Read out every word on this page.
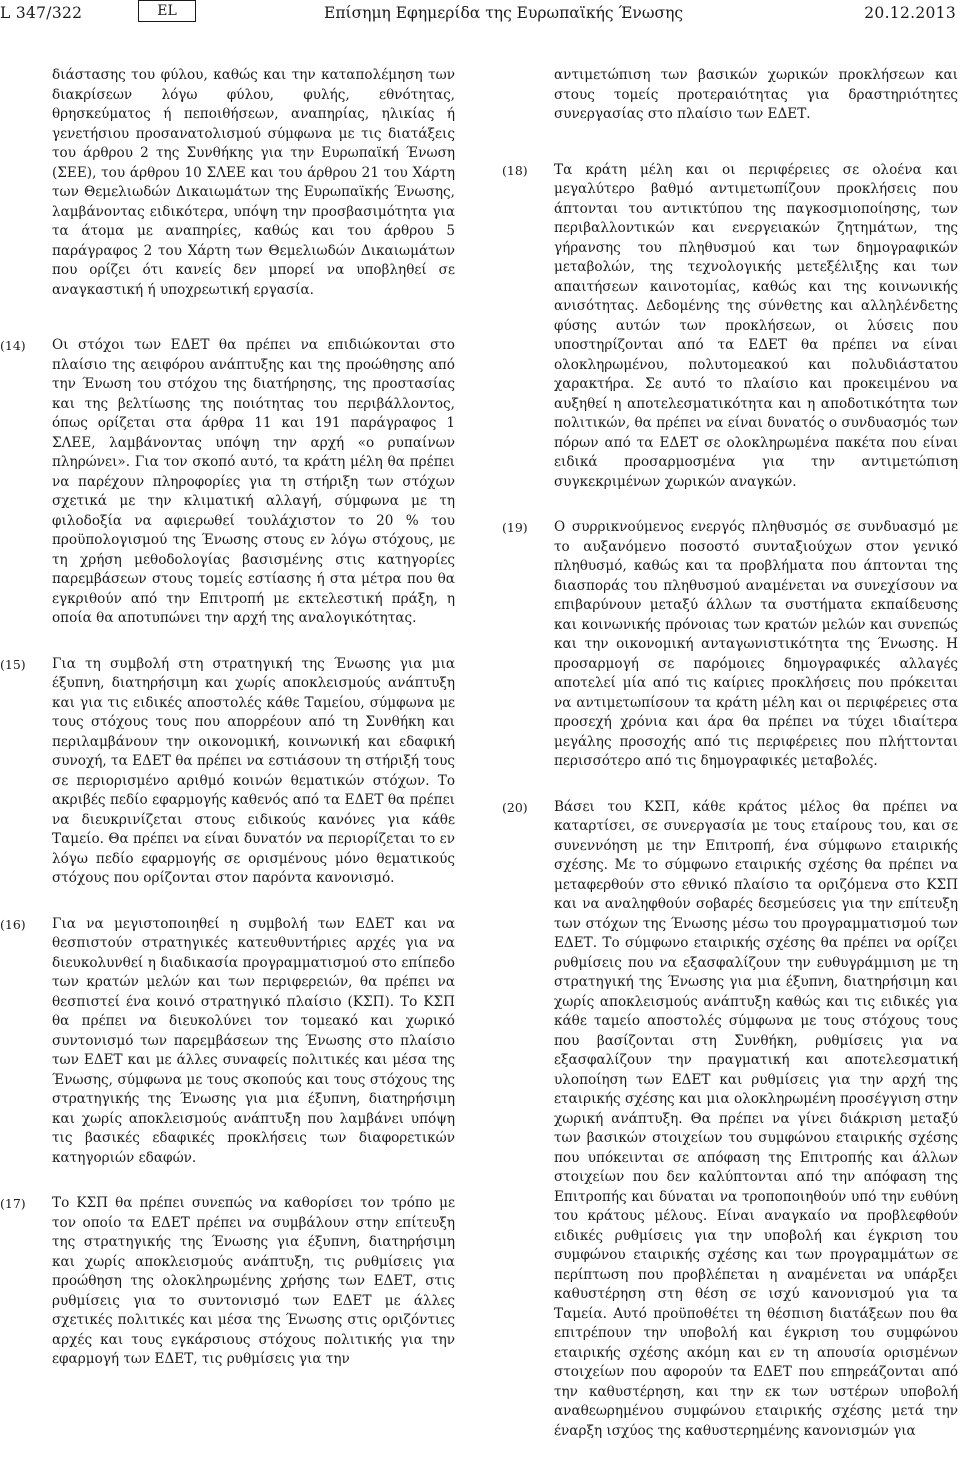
L 347/322	EL	Επίσημη Εφημερίδα της Ευρωπαϊκής Ένωσης	20.12.2013
διάστασης του φύλου, καθώς και την καταπολέμηση των διακρίσεων λόγω φύλου, φυλής, εθνότητας, θρησκεύματος ή πεποιθήσεων, αναπηρίας, ηλικίας ή γενετήσιου προσανατολισμού σύμφωνα με τις διατάξεις του άρθρου 2 της Συνθήκης για την Ευρωπαϊκή Ένωση (ΣΕΕ), του άρθρου 10 ΣΛΕΕ και του άρθρου 21 του Χάρτη των Θεμελιωδών Δικαιωμάτων της Ευρωπαϊκής Ένωσης, λαμβάνοντας ειδικότερα, υπόψη την προσβασιμότητα για τα άτομα με αναπηρίες, καθώς και του άρθρου 5 παράγραφος 2 του Χάρτη των Θεμελιωδών Δικαιωμάτων που ορίζει ότι κανείς δεν μπορεί να υποβληθεί σε αναγκαστική ή υποχρεωτική εργασία.
(14) Οι στόχοι των ΕΔΕΤ θα πρέπει να επιδιώκονται στο πλαίσιο της αειφόρου ανάπτυξης και της προώθησης από την Ένωση του στόχου της διατήρησης, της προστασίας και της βελτίωσης της ποιότητας του περιβάλλοντος, όπως ορίζεται στα άρθρα 11 και 191 παράγραφος 1 ΣΛΕΕ, λαμβάνοντας υπόψη την αρχή «ο ρυπαίνων πληρώνει». Για τον σκοπό αυτό, τα κράτη μέλη θα πρέπει να παρέχουν πληροφορίες για τη στήριξη των στόχων σχετικά με την κλιματική αλλαγή, σύμφωνα με τη φιλοδοξία να αφιερωθεί τουλάχιστον το 20 % του προϋπολογισμού της Ένωσης στους εν λόγω στόχους, με τη χρήση μεθοδολογίας βασισμένης στις κατηγορίες παρεμβάσεων στους τομείς εστίασης ή στα μέτρα που θα εγκριθούν από την Επιτροπή με εκτελεστική πράξη, η οποία θα αποτυπώνει την αρχή της αναλογικότητας.
(15) Για τη συμβολή στη στρατηγική της Ένωσης για μια έξυπνη, διατηρήσιμη και χωρίς αποκλεισμούς ανάπτυξη και για τις ειδικές αποστολές κάθε Ταμείου, σύμφωνα με τους στόχους τους που απορρέουν από τη Συνθήκη και περιλαμβάνουν την οικονομική, κοινωνική και εδαφική συνοχή, τα ΕΔΕΤ θα πρέπει να εστιάσουν τη στήριξή τους σε περιορισμένο αριθμό κοινών θεματικών στόχων. Το ακριβές πεδίο εφαρμογής καθενός από τα ΕΔΕΤ θα πρέπει να διευκρινίζεται στους ειδικούς κανόνες για κάθε Ταμείο. Θα πρέπει να είναι δυνατόν να περιορίζεται το εν λόγω πεδίο εφαρμογής σε ορισμένους μόνο θεματικούς στόχους που ορίζονται στον παρόντα κανονισμό.
(16) Για να μεγιστοποιηθεί η συμβολή των ΕΔΕΤ και να θεσπιστούν στρατηγικές κατευθυντήριες αρχές για να διευκολυνθεί η διαδικασία προγραμματισμού στο επίπεδο των κρατών μελών και των περιφερειών, θα πρέπει να θεσπιστεί ένα κοινό στρατηγικό πλαίσιο (ΚΣΠ). Το ΚΣΠ θα πρέπει να διευκολύνει τον τομεακό και χωρικό συντονισμό των παρεμβάσεων της Ένωσης στο πλαίσιο των ΕΔΕΤ και με άλλες συναφείς πολιτικές και μέσα της Ένωσης, σύμφωνα με τους σκοπούς και τους στόχους της στρατηγικής της Ένωσης για μια έξυπνη, διατηρήσιμη και χωρίς αποκλεισμούς ανάπτυξη που λαμβάνει υπόψη τις βασικές εδαφικές προκλήσεις των διαφορετικών κατηγοριών εδαφών.
(17) Το ΚΣΠ θα πρέπει συνεπώς να καθορίσει τον τρόπο με τον οποίο τα ΕΔΕΤ πρέπει να συμβάλουν στην επίτευξη της στρατηγικής της Ένωσης για έξυπνη, διατηρήσιμη και χωρίς αποκλεισμούς ανάπτυξη, τις ρυθμίσεις για προώθηση της ολοκληρωμένης χρήσης των ΕΔΕΤ, στις ρυθμίσεις για το συντονισμό των ΕΔΕΤ με άλλες σχετικές πολιτικές και μέσα της Ένωσης στις οριζόντιες αρχές και τους εγκάρσιους στόχους πολιτικής για την εφαρμογή των ΕΔΕΤ, τις ρυθμίσεις για την
αντιμετώπιση των βασικών χωρικών προκλήσεων και στους τομείς προτεραιότητας για δραστηριότητες συνεργασίας στο πλαίσιο των ΕΔΕΤ.
(18) Τα κράτη μέλη και οι περιφέρειες σε ολοένα και μεγαλύτερο βαθμό αντιμετωπίζουν προκλήσεις που άπτονται του αντικτύπου της παγκοσμιοποίησης, των περιβαλλοντικών και ενεργειακών ζητημάτων, της γήρανσης του πληθυσμού και των δημογραφικών μεταβολών, της τεχνολογικής μετεξέλιξης και των απαιτήσεων καινοτομίας, καθώς και της κοινωνικής ανισότητας. Δεδομένης της σύνθετης και αλληλένδετης φύσης αυτών των προκλήσεων, οι λύσεις που υποστηρίζονται από τα ΕΔΕΤ θα πρέπει να είναι ολοκληρωμένου, πολυτομεακού και πολυδιάστατου χαρακτήρα. Σε αυτό το πλαίσιο και προκειμένου να αυξηθεί η αποτελεσματικότητα και η αποδοτικότητα των πολιτικών, θα πρέπει να είναι δυνατός ο συνδυασμός των πόρων από τα ΕΔΕΤ σε ολοκληρωμένα πακέτα που είναι ειδικά προσαρμοσμένα για την αντιμετώπιση συγκεκριμένων χωρικών αναγκών.
(19) Ο συρρικνούμενος ενεργός πληθυσμός σε συνδυασμό με το αυξανόμενο ποσοστό συνταξιούχων στον γενικό πληθυσμό, καθώς και τα προβλήματα που άπτονται της διασποράς του πληθυσμού αναμένεται να συνεχίσουν να επιβαρύνουν μεταξύ άλλων τα συστήματα εκπαίδευσης και κοινωνικής πρόνοιας των κρατών μελών και συνεπώς και την οικονομική ανταγωνιστικότητα της Ένωσης. Η προσαρμογή σε παρόμοιες δημογραφικές αλλαγές αποτελεί μία από τις καίριες προκλήσεις που πρόκειται να αντιμετωπίσουν τα κράτη μέλη και οι περιφέρειες στα προσεχή χρόνια και άρα θα πρέπει να τύχει ιδιαίτερα μεγάλης προσοχής από τις περιφέρειες που πλήττονται περισσότερο από τις δημογραφικές μεταβολές.
(20) Βάσει του ΚΣΠ, κάθε κράτος μέλος θα πρέπει να καταρτίσει, σε συνεργασία με τους εταίρους του, και σε συνεννόηση με την Επιτροπή, ένα σύμφωνο εταιρικής σχέσης. Με το σύμφωνο εταιρικής σχέσης θα πρέπει να μεταφερθούν στο εθνικό πλαίσιο τα οριζόμενα στο ΚΣΠ και να αναληφθούν σοβαρές δεσμεύσεις για την επίτευξη των στόχων της Ένωσης μέσω του προγραμματισμού των ΕΔΕΤ. Το σύμφωνο εταιρικής σχέσης θα πρέπει να ορίζει ρυθμίσεις που να εξασφαλίζουν την ευθυγράμμιση με τη στρατηγική της Ένωσης για μια έξυπνη, διατηρήσιμη και χωρίς αποκλεισμούς ανάπτυξη καθώς και τις ειδικές για κάθε ταμείο αποστολές σύμφωνα με τους στόχους τους που βασίζονται στη Συνθήκη, ρυθμίσεις για να εξασφαλίζουν την πραγματική και αποτελεσματική υλοποίηση των ΕΔΕΤ και ρυθμίσεις για την αρχή της εταιρικής σχέσης και μια ολοκληρωμένη προσέγγιση στην χωρική ανάπτυξη. Θα πρέπει να γίνει διάκριση μεταξύ των βασικών στοιχείων του συμφώνου εταιρικής σχέσης που υπόκεινται σε απόφαση της Επιτροπής και άλλων στοιχείων που δεν καλύπτονται από την απόφαση της Επιτροπής και δύναται να τροποποιηθούν υπό την ευθύνη του κράτους μέλους. Είναι αναγκαίο να προβλεφθούν ειδικές ρυθμίσεις για την υποβολή και έγκριση του συμφώνου εταιρικής σχέσης και των προγραμμάτων σε περίπτωση που προβλέπεται η αναμένεται να υπάρξει καθυστέρηση στη θέση σε ισχύ κανονισμού για τα Ταμεία. Αυτό προϋποθέτει τη θέσπιση διατάξεων που θα επιτρέπουν την υποβολή και έγκριση του συμφώνου εταιρικής σχέσης ακόμη και εν τη απουσία ορισμένων στοιχείων που αφορούν τα ΕΔΕΤ που επηρεάζονται από την καθυστέρηση, και την εκ των υστέρων υποβολή αναθεωρημένου συμφώνου εταιρικής σχέσης μετά την έναρξη ισχύος της καθυστερημένης κανονισμών για
